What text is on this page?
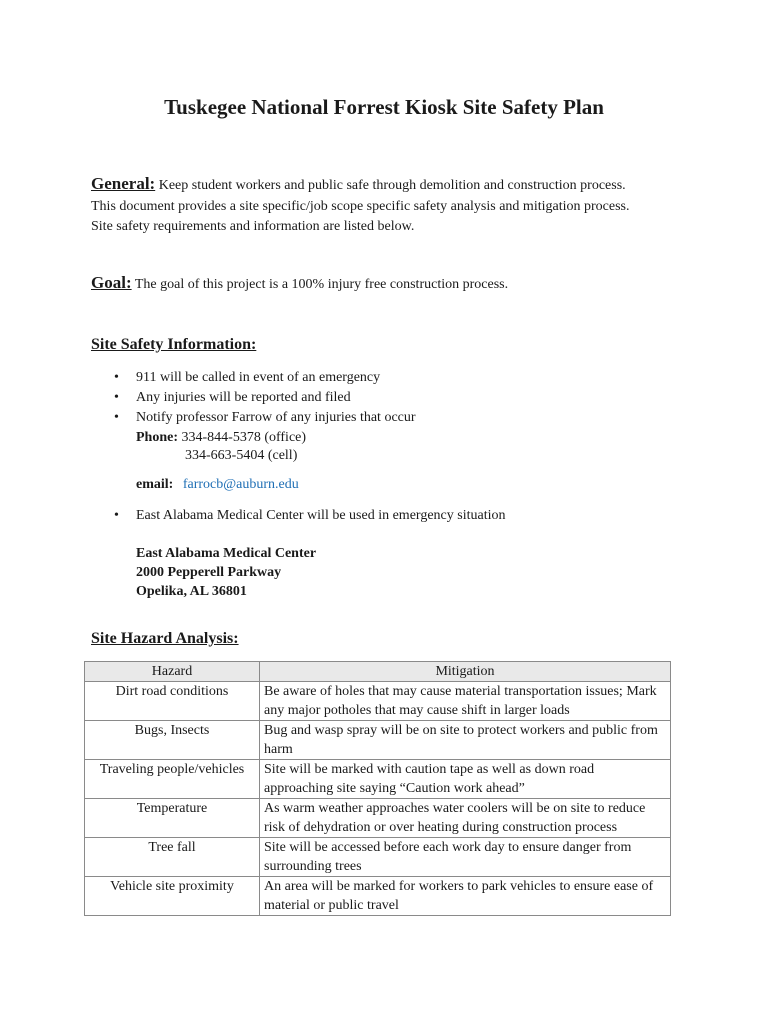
Tuskegee National Forrest Kiosk Site Safety Plan
General: Keep student workers and public safe through demolition and construction process.
This document provides a site specific/job scope specific safety analysis and mitigation process.
Site safety requirements and information are listed below.
Goal: The goal of this project is a 100% injury free construction process.
Site Safety Information:
• 911 will be called in event of an emergency
• Any injuries will be reported and filed
• Notify professor Farrow of any injuries that occur
Phone: 334-844-5378 (office)
334-663-5404 (cell)
email: farrocb@auburn.edu
• East Alabama Medical Center will be used in emergency situation
East Alabama Medical Center
2000 Pepperell Parkway
Opelika, AL 36801
Site Hazard Analysis:
Hazard	Mitigation
Dirt road conditions	Be aware of holes that may cause material transportation issues; Mark any major potholes that may cause shift in larger loads
Bugs, Insects	Bug and wasp spray will be on site to protect workers and public from harm
Traveling people/vehicles	Site will be marked with caution tape as well as down road approaching site saying “Caution work ahead”
Temperature	As warm weather approaches water coolers will be on site to reduce risk of dehydration or over heating during construction process
Tree fall	Site will be accessed before each work day to ensure danger from surrounding trees
Vehicle site proximity	An area will be marked for workers to park vehicles to ensure ease of material or public travel
